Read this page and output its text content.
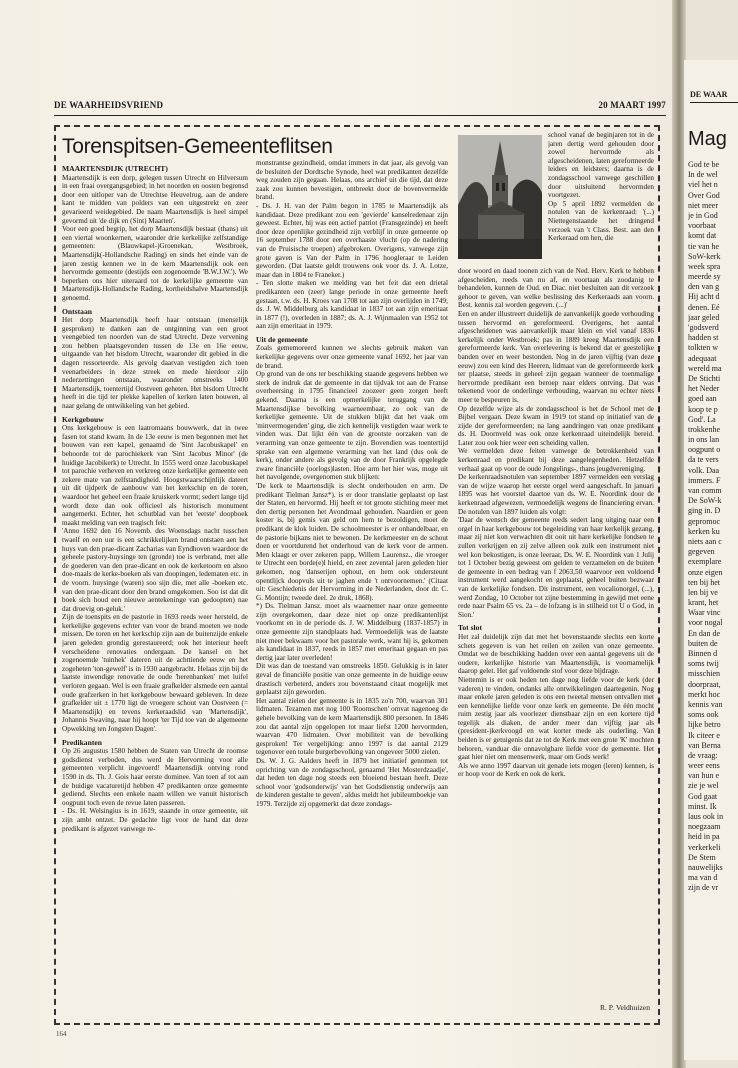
DE WAARHEIDSVRIEND	20 MAART 1997
Torenspitsen-Gemeenteflitsen

MAARTENSDIJK (UTRECHT)

Maartensdijk is een dorp, gelegen tussen Utrecht en Hilversum in een fraai overgangsgebied; in het noorden en oosten begrensd door een uitloper van de Utrechtse Heuvelrug, aan de andere kant te midden van polders van een uitgestrekt en zeer gevarieerd weidegebied. De naam Maartensdijk is heel simpel gevormd uit 'de dijk en (Sint) Maarten'.

Voor een goed begrip, het dorp Maartensdijk bestaat (thans) uit een viertal woonkernen, waaronder drie kerkelijke zelfstandige gemeenten: (Blauwkapel-)Groenekan, Westbroek, Maartensdijk(-Hollandsche Rading) en sinds het einde van de jaren zestig kennen we in de kern Maartensdijk ook een hervormde gemeente (destijds een zogenoemde 'B.W.J.W.'). We beperken ons hier uiteraard tot de kerkelijke gemeente van Maartensdijk-Hollandsche Rading, kortheidshalve Maartensdijk genoemd.

Ontstaan

Het dorp Maartensdijk heeft haar ontstaan (menselijk gesproken) te danken aan de ontginning van een groot veengebied ten noorden van de stad Utrecht. Deze vervening zou hebben plaatsgevonden tussen de 13e en 16e eeuw, uitgaande van het bisdom Utrecht, waaronder dit gebied in die dagen ressorteerde. Als gevolg daarvan vestigden zich toen veenarbeiders in deze streek en mede hierdoor zijn nederzettingen ontstaan, waaronder omstreeks 1400 Maartensdijk, toentertijd Oostveen geheten. Het bisdom Utrecht heeft in die tijd ter plekke kapellen of kerken laten bouwen, al naar gelang de ontwikkeling van het gebied.

Kerkgebouw

Ons kerkgebouw is een laatromaans bouwwerk, dat in twee fasen tot stand kwam. In de 13e eeuw is men begonnen met het bouwen van een kapel, genaamd de 'Sint Jacobuskapel' en behoorde tot de parochiekerk van 'Sint Jacobus Minor' (de huidige Jacobikerk) te Utrecht. In 1555 werd onze Jacobuskapel tot parochie verheven en verkreeg onze kerkelijke gemeente een zekere mate van zelfstandigheid. Hoogstwaarschijnlijk dateert uit dit tijdperk de aanbouw van het kerkschip en de toren, waardoor het geheel een fraaie kruiskerk vormt; sedert lange tijd wordt deze dan ook officieel als historisch monument aangemerkt. Echter, het schutblad van het 'eerste' doopboek maakt melding van een tragisch feit:

'Anno 1692 den 16 Novemb. des Woensdags nacht tusschen twaelf en een uur is een schrikkelijken brand ontstaen aen het huys van den prae-dicant Zacharias van Eyndhoven waardoor de geheele pastory-huysinge ten (gronde) toe is verbrand, met alle de goederen van den prae-dicant en ook de kerketoorn en alsoo doe-maals de kerke-boeken als van doopingen, ledematen etc. in de voorn. huysinge (waren) soo sijn die, met alle -boeken etc. van den prae-dicant door den brand omgekomen. Soo ist dat dit boek sich houd een nieuwe aentekeninge van gedoopten) nae dat droevig on-geluk.'

Zijn de toenspits en de pastorie in 1693 reeds weer hersteld, de kerkelijke gegevens echter van voor de brand moeten we node missen. De toren en het kerkschip zijn aan de buitenzijde enkele jaren geleden grondig gerestaureerd; ook het interieur heeft verscheidene renovaties ondergaan. De kansel en het zogenoemde 'tuinhek' dateren uit de achttiende eeuw en het zogeheten 'ton-gewelf' is in 1930 aangebracht. Helaas zijn bij de laatste inwendige renovatie de oude 'herenbanken' met luifel verloren gegaan. Wel is een fraaie grafkelder alsmede een aantal oude grafzerken in het kerkgebouw bewaard gebleven. In deze grafkelder uit ± 1770 ligt de vroegere schout van Oostveen (= Maartensdijk) en tevens kerkeraadslid van 'Martensdijk', Johannis Swaving, naar hij hoopt 'ter Tijd toe van de algemeene Opwekking ten Jongsten Dagen'.

Predikanten

Op 26 augustus 1580 hebben de Staten van Utrecht de roomse godsdienst verboden, dus werd de Hervorming voor alle gemeenten verplicht ingevoerd! Maartensdijk ontving rond 1590 in ds. Th. J. Gois haar eerste dominee. Van toen af tot aan de huidige vacaturetijd hebben 47 predikanten onze gemeente gediend. Slechts een enkele naam willen we vanuit historisch oogpunt toch even de revue laten passeren.

- Ds. H. Welsingius is in 1619, staande in onze gemeente, uit zijn ambt ontzet. De gedachte ligt voor de hand dat deze predikant is afgezet vanwege re-

monstrantse gezindheid, omdat immers in dat jaar, als gevolg van de besluiten der Dordtsche Synode, heel wat predikanten dezelfde weg zouden zijn gegaan. Helaas, ons archief uit die tijd, dat deze zaak zou kunnen bevestigen, ontbreekt door de bovenvermelde brand.

- Ds. J. H. van der Palm begon in 1785 te Maartensdijk als kandidaat. Deze predikant zou een 'gevierde' kanselredenaar zijn geweest. Echter, hij was een actief patriot (Fransgezinde) en heeft door deze openlijke gezindheid zijn verblijf in onze gemeente op 16 september 1788 door een overhaaste vlucht (op de nadering van de Pruisische troepen) afgebroken. Overigens, vanwege zijn grote gaven is Van der Palm in 1796 hoogleraar te Leiden geworden. (Dat laatste geldt trouwens ook voor ds. J. A. Lotze, maar dan in 1804 te Franeker.)

- Ten slotte maken we melding van het feit dat een drietal predikanten een (zeer) lange periode in onze gemeente heeft gestaan, t.w. ds. H. Kroes van 1708 tot aan zijn overlijden in 1749; ds. J. W. Middelburg als kandidaat in 1837 tot aan zijn emeritaat in 1877 (!), overleden in 1887; ds. A. J. Wijnmaalen van 1952 tot aan zijn emeritaat in 1979.

Uit de gemeente

Zoals gememoreerd kunnen we slechts gebruik maken van kerkelijke gegevens over onze gemeente vanaf 1692, het jaar van de brand.

Op grond van de ons ter beschikking staande gegevens hebben we sterk de indruk dat de gemeente in dat tijdvak tot aan de Franse overheersing in 1795 financieel zoozeer geen zorgen heeft gekend. Daarna is een opmerkelijke teruggang van de Maartensdijkse bevolking waarneembaar, zo ook van de kerkelijke gemeente. Uit de stukken blijkt dat het vaak om 'minvermogenden' ging, die zich kennelijk vestigden waar werk te vinden was. Dat lijkt één van de grootste oorzaken van de verarming van onze gemeente te zijn. Bovendien was toentertijd sprake van een algemene verarming van het land (dus ook de kerk), onder andere als gevolg van de door Frankrijk opgelegde zware financiële (oorlogs)lasten. Hoe arm het hier was, moge uit het navolgende, overgenomen stuk blijken:

'De kerk te Maartensdijk is slecht onderhouden en arm. De predikant Tielman Jansz*). is er door translatie geplaatst op last der Staten, en hervormd. Hij heeft er tot groote stichting meer met den dertig personen het Avondmaal gehouden. Naardien er geen koster is, bij gemis van geld om hem te bezoldigen, moet de predikant de klok luiden. De schoolmeester is er onhandelbaar, en de pastorie bijkans niet te bewonen. De kerkmeester en de schout doen er voortdurend het onderhoud van de kerk voor de armen. Men klaagt er over zekeren papp, Willem Laurensz., die vroeger te Utrecht een borde(e)l hield, en zeer zevental jaren geleden hier gekomen, nog 'danserijen ophout, en hem ook ondersteunt opentlijck doopvuls uit te jaghen ende 't ontvoornemen.' (Citaat uit: Geschiedenis der Hervorming in de Nederlanden, door dr. C. G. Montijn; tweede deel. 2e druk, 1868).

*) Ds. Tielman Jansz. moet als waarnemer naar onze gemeente zijn overgekomen, daar deze niet op onze predikantenlijst voorkomt en in de periode ds. J. W. Middelburg (1837-1857) in onze gemeente zijn standplaats had. Vermoedelijk was de laatste niet meer bekwaam voor het pastorale werk, want hij is, gekomen als kandidaat in 1837, reeds in 1857 met emeritaat gegaan en pas dertig jaar later overleden!

Dit was dan de toestand van omstreeks 1850. Gelukkig is in later geval de financiële positie van onze gemeente in de huidige eeuw drastisch verbeterd, anders zou bovenstaand citaat mogelijk met geplaatst zijn geworden.

Het aantal zielen der gemeente is in 1835 zo'n 700, waarvan 301 lidmaten. Tezamen met nog 100 'Roomschen' omvat nagenoeg de gehele bevolking van de kern Maartensdijk 800 personen. In 1846 zou dat aantal zijn opgelopen tot maar liefst 1200 hervormden, waarvan 470 lidmaten. Over mobiliteit van de bevolking gesproken! Ter vergelijking: anno 1997 is dat aantal 2129 tegenover een totale burgerbevolking van ongeveer 5000 zielen.

Ds. W. J. G. Aalders heeft in 1879 het initiatief genomen tot oprichting van de zondagsschool, genaamd 'Het Mosterdzaadje', dat heden ten dage nog steeds een bloeiend bestaan heeft. Deze school voor 'godsonderwijs' van het Godsdienstig onderwijs aan de kinderen gestalte te geven', aldus meldt het jubileumboekje van 1979. Terzijde zij opgemerkt dat deze zondags-

school vanaf de beginjaren tot in de jaren dertig werd gehouden door zowel hervormde als afgescheidenen, laten gereformeerde leiders en leidsters; daarna is de zondagsschool vanwege geschillen door uitsluitend hervormden voortgezet.

Op 5 april 1892 vermelden de notulen van de kerkenraad: '(...) Niettegenstaande het dringend verzoek van 't Class. Best. aan den Kerkeraad om hen, die

door woord en daad toonen zich van de Ned. Herv. Kerk te hebben afgescheiden, reeds van nu af, en voortaan als zoodanig te behandelen, kunnen de Oud. en Diac. niet besluiten aan dit verzoek gehoor te geven, van welke beslissing des Kerkeraads aan voorn. Best. kennis zal worden gegeven. (...)'

Een en ander illustreert duidelijk de aanvankelijk goede verhouding tussen hervormd en gereformeerd. Overigens, het aantal afgescheidenen was aanvankelijk maar klein en viel vanaf 1836 kerkelijk onder Westbroek; pas in 1889 kreeg Maartensdijk een gereformeerde kerk. Van overlevering is bekend dat er geestelijke banden over en weer bestonden. Nog in de jaren vijftig (van deze eeuw) zou een kind des Heeren, lidmaat van de gereformeerde kerk ter plaatse, steeds in geheel zijn gegaan wanneer de toenmalige hervormde predikant een beroep naar elders ontving. Dat was tekenend voor de onderlinge verhouding, waarvan nu echter niets meer te bespeuren is.

Op dezelfde wijze als de zondagsschool is het de School met de Bijbel vergaan. Deze kwam in 1919 tot stand op initiatief van de zijde der gereformeerden; na lang aandringen van onze predikant ds. H. Doornveld was ook onze kerkenraad uiteindelijk bereid. Later zou ook hier weer een scheiding vallen.

We vermelden deze feiten vanwege de betrokkenheid van kerkenraad en predikant bij deze aangelegenheden. Hetzelfde verhaal gaat op voor de oude Jongelings-, thans jeugdvereniging.

De kerkenraadsnotulen van september 1897 vermelden een verslag van de wijze waarop het eerste orgel werd aangeschaft. In januari 1895 was het voorstel daartoe van ds. W. E. Noordink door de kerkenraad afgewezen, vermoedelijk wegens de financiering ervan. De notulen van 1897 luiden als volgt:

'Daar de wensch der gemeente reeds sedert lang uitging naar een orgel in haar kerkgebouw tot begeleiding van haar kerkelijk gezang, maar zij niet kon verwachten dit ooit uit hare kerkelijke fondsen te zullen verkrijgen en zij zelve alleen ook zulk een instrument niet wel kon bekostigen, is onze leeraar, Ds. W. E. Noordink van 1 Julij tot 1 October bezig geweest om gelden te verzamelen en de buiten de gemeente in een bedrag van f 2063,50 waarvoor een voldoend instrument werd aangekocht en geplaatst, geheel buiten bezwaar van de kerkelijke fondsen. Dit instrument, een vocalionorgel, (...), werd Zondag, 10 October tot zijne bestemming in gewijd met eene rede naar Psalm 65 vs. 2a – de lofzang is in stilheid tot U o God, in Sion.'

Tot slot

Het zal duidelijk zijn dat met het bovenstaande slechts een korte schets gegeven is van het reilen en zeilen van onze gemeente. Omdat we de beschikking hadden over een aantal gegevens uit de oudere, kerkelijke historie van Maartensdijk, is voornamelijk daarop gelet. Het gaf voldoende stof voor deze bijdrage.

Niettemin is er ook heden ten dage nog liefde voor de kerk (der vaderen) te vinden, ondanks alle ontwikkelingen daartegenin. Nog maar enkele jaren geleden is ons een tweetal mensen ontvallen met een kennelijke liefde voor onze kerk en gemeente. De één mocht ruim zestig jaar als voorlezer dienstbaar zijn en een kortere tijd tegelijk als diaken, de ander meer dan vijftig jaar als (president-)kerkvoogd en wat korter mede als ouderling. Van beiden is er getuigenis dat ze tot de Kerk met een grote 'K' mochten behoren, vanduar die onnavolgbare liefde voor de gemeente. Het gaat hier niet om mensenwerk, maar om Gods werk!

Als we anno 1997 daarvan uit genade iets mogen (leren) kennen, is er hoop voor de Kerk en ook de kerk.

R. P. Veldhuizen
164
DE WAAR
Mag
God te be
In de wel
viel het n
Over God
niet meer
je in God
voorbaat
komt dat
tie van he
SoW-kerk
week spra
meerde sy
den van g
Hij acht d
denen. Eé
jaar geled
'godsverd
hadden st
tolkten w
adequaat
wereld ma
De Stichti
het Neder
goed aan
koop te p
God'. La
trokkenhe
in ons lan
oogpunt o
da te vers
volk. Daa
immers. F
van comm
De SoW-k
ging in. D
gepromoc
kerken ku
niets aan c
gegeven
exemplare
onze eigen
ten bij het
len bij ve
krant, het
Waar vinc
voor nogal
En dan de
buiten de
Binnen d
soms twij
misschien
doorpraat,
merkt hoc
kennis van
soms ook
lijke betro
Ik citeer e
van Berna
de vraag:
weer eens
van hun e
zie je wel
God gaat
minst. Ik
laus ook in
noegzaam
heid in pa
verkerkeli
De Stem
nauwelijks
ma van d
zijn de vr
